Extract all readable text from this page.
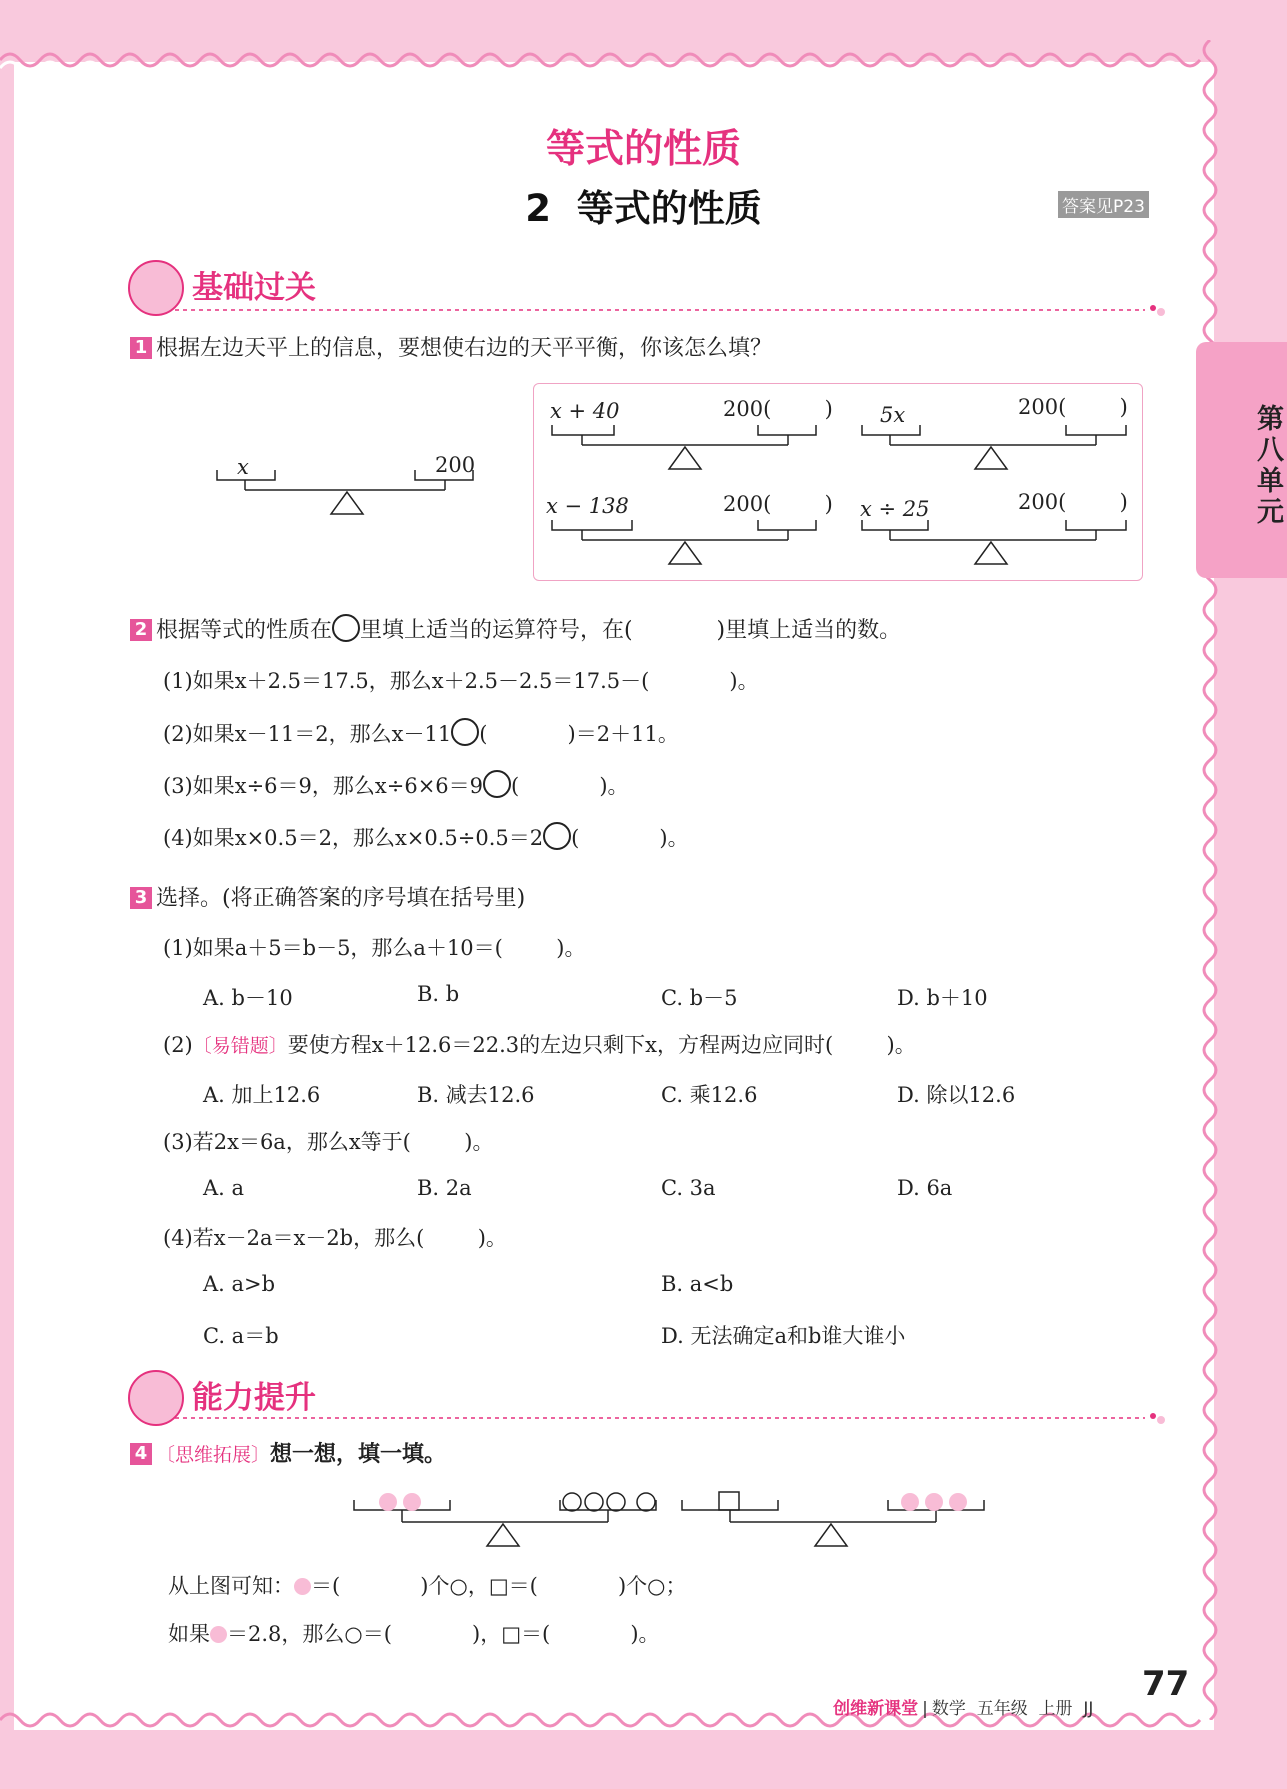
等式的性质
2  等式的性质	答案见P23
第八单元
基础过关
1 根据左边天平上的信息，要想使右边的天平平衡，你该怎么填？
x	200
x + 40	200(        ) 5x	200(        )
x − 138	200(        ) x ÷ 25	200(        )
2 根据等式的性质在 里填上适当的运算符号，在(            )里填上适当的数。
(1)如果x＋2.5＝17.5，那么x＋2.5－2.5＝17.5－(            )。
(2)如果x－11＝2，那么x－11 (            )＝2＋11。
(3)如果x÷6＝9，那么x÷6×6＝9 (            )。
(4)如果x×0.5＝2，那么x×0.5÷0.5＝2 (            )。
3 选择。(将正确答案的序号填在括号里)
(1)如果a＋5＝b－5，那么a＋10＝(        )。
A. b－10	B. b	C. b－5	D. b＋10
(2)〔易错题〕要使方程x＋12.6＝22.3的左边只剩下x，方程两边应同时(        )。
A. 加上12.6	B. 减去12.6	C. 乘12.6	D. 除以12.6
(3)若2x＝6a，那么x等于(        )。
A. a	B. 2a	C. 3a	D. 6a
(4)若x－2a＝x－2b，那么(        )。
A. a>b	B. a<b
C. a＝b	D. 无法确定a和b谁大谁小
能力提升
4 〔思维拓展〕想一想，填一填。
从上图可知： ＝(            )个○，□＝(            )个○；
如果 ＝2.8，那么○＝(            )，□＝(            )。

创维新课堂 | 数学  五年级  上册  JJ

77
